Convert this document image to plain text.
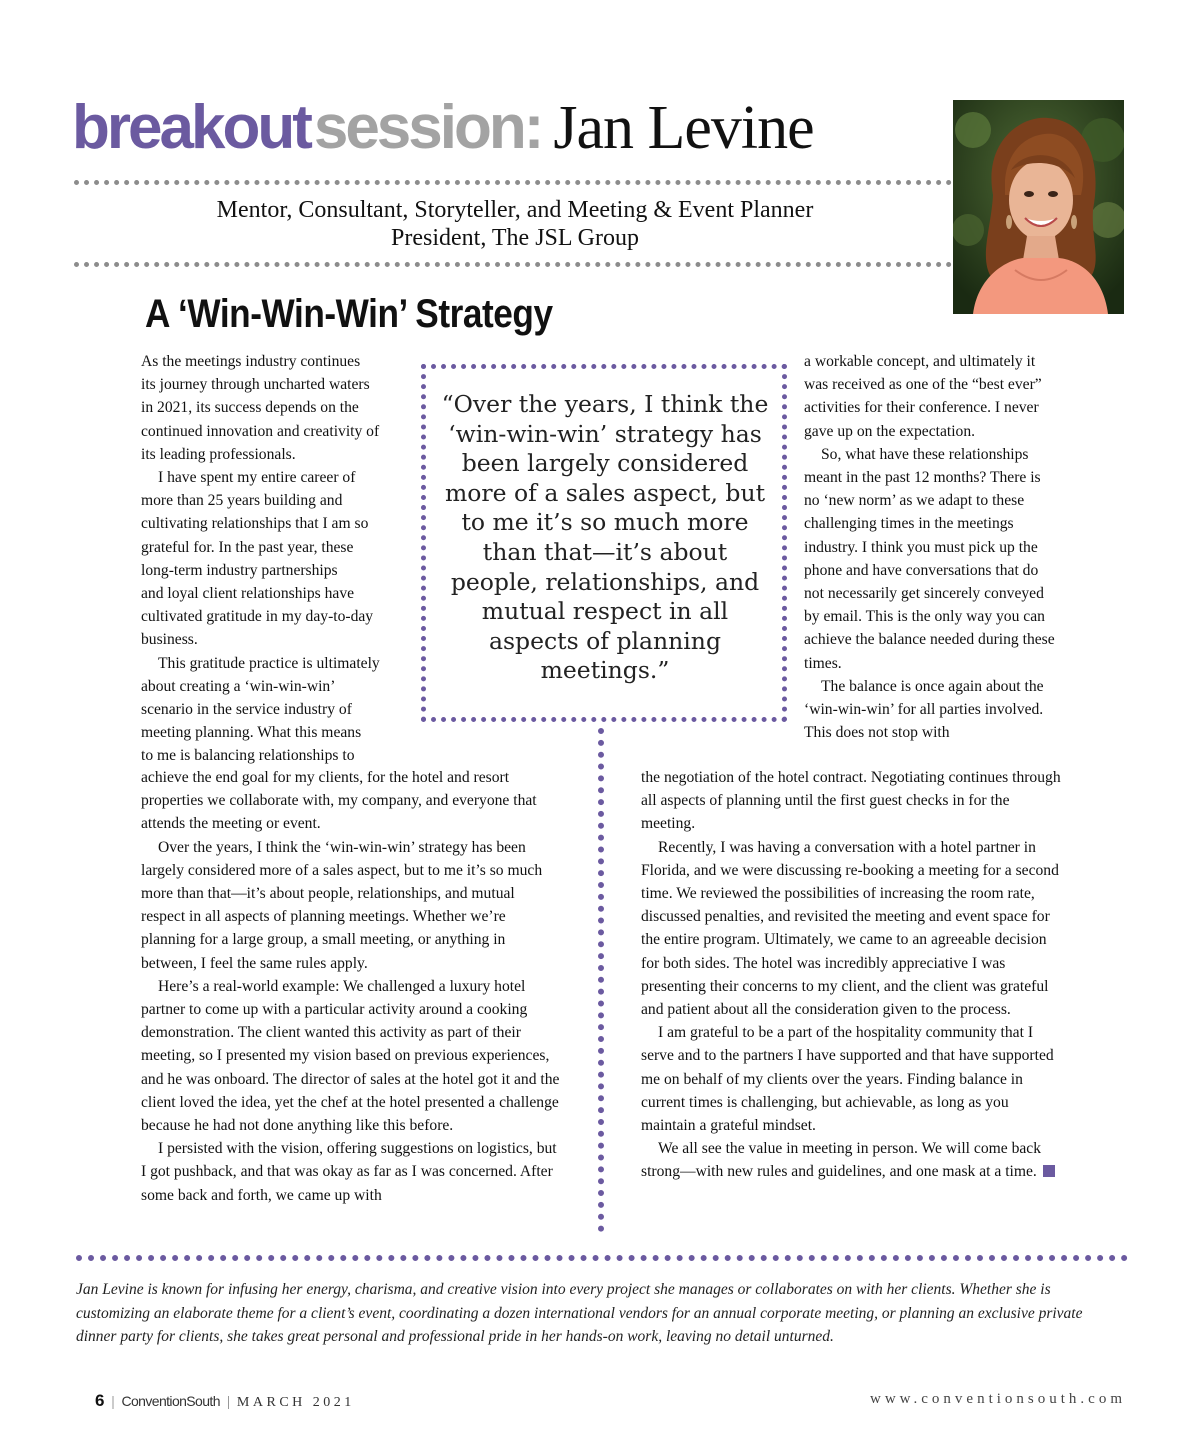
breakout session: Jan Levine
Mentor, Consultant, Storyteller, and Meeting & Event Planner
President, The JSL Group
A ‘Win-Win-Win’ Strategy
As the meetings industry continues
its journey through uncharted waters
in 2021, its success depends on the
continued innovation and creativity of
its leading professionals.
I have spent my entire career of
more than 25 years building and
cultivating relationships that I am so
grateful for. In the past year, these
long-term industry partnerships
and loyal client relationships have
cultivated gratitude in my day-to-day
business.
This gratitude practice is ultimately
about creating a ‘win-win-win’
scenario in the service industry of
meeting planning. What this means
to me is balancing relationships to

achieve the end goal for my clients, for the hotel and resort properties we collaborate with, my company, and everyone that attends the meeting or event.

Over the years, I think the ‘win-win-win’ strategy has been largely considered more of a sales aspect, but to me it’s so much more than that—it’s about people, relationships, and mutual respect in all aspects of planning meetings. Whether we’re planning for a large group, a small meeting, or anything in between, I feel the same rules apply.

Here’s a real-world example: We challenged a luxury hotel partner to come up with a particular activity around a cooking demonstration. The client wanted this activity as part of their meeting, so I presented my vision based on previous experiences, and he was onboard. The director of sales at the hotel got it and the client loved the idea, yet the chef at the hotel presented a challenge because he had not done anything like this before.

I persisted with the vision, offering suggestions on logistics, but I got pushback, and that was okay as far as I was concerned. After some back and forth, we came up with

“Over the years, I think the ‘win-win-win’ strategy has been largely considered more of a sales aspect, but to me it’s so much more than that—it’s about people, relationships, and mutual respect in all aspects of planning meetings.”

a workable concept, and ultimately it was received as one of the “best ever” activities for their conference. I never gave up on the expectation.

So, what have these relationships meant in the past 12 months? There is no ‘new norm’ as we adapt to these challenging times in the meetings industry. I think you must pick up the phone and have conversations that do not necessarily get sincerely conveyed by email. This is the only way you can achieve the balance needed during these times.

The balance is once again about the ‘win-win-win’ for all parties involved. This does not stop with

the negotiation of the hotel contract. Negotiating continues through all aspects of planning until the first guest checks in for the meeting.

Recently, I was having a conversation with a hotel partner in Florida, and we were discussing re-booking a meeting for a second time. We reviewed the possibilities of increasing the room rate, discussed penalties, and revisited the meeting and event space for the entire program. Ultimately, we came to an agreeable decision for both sides. The hotel was incredibly appreciative I was presenting their concerns to my client, and the client was grateful and patient about all the consideration given to the process.

I am grateful to be a part of the hospitality community that I serve and to the partners I have supported and that have supported me on behalf of my clients over the years. Finding balance in current times is challenging, but achievable, as long as you maintain a grateful mindset.

We all see the value in meeting in person. We will come back strong—with new rules and guidelines, and one mask at a time.

Jan Levine is known for infusing her energy, charisma, and creative vision into every project she manages or collaborates on with her clients. Whether she is customizing an elaborate theme for a client’s event, coordinating a dozen international vendors for an annual corporate meeting, or planning an exclusive private dinner party for clients, she takes great personal and professional pride in her hands-on work, leaving no detail unturned.
6 | ConventionSouth | MARCH 2021	www.conventionsouth.com
